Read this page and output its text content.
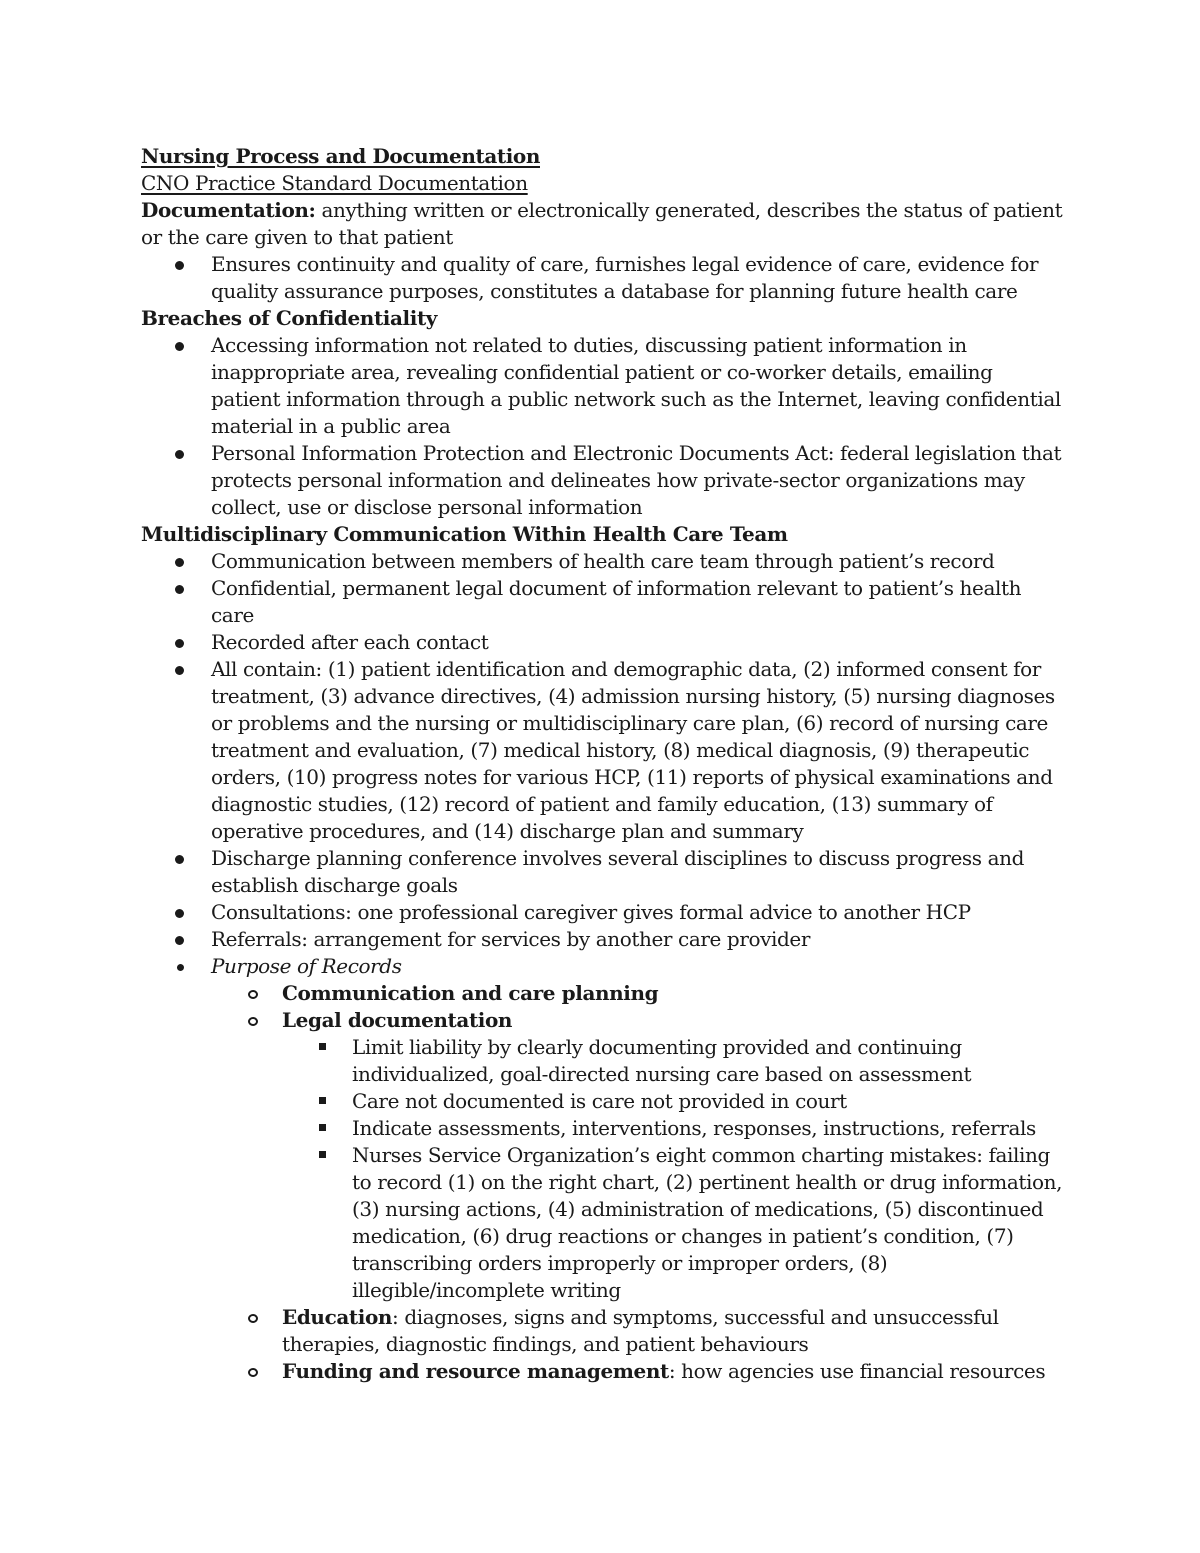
Nursing Process and Documentation

CNO Practice Standard Documentation

Documentation: anything written or electronically generated, describes the status of patient or the care given to that patient

Ensures continuity and quality of care, furnishes legal evidence of care, evidence for quality assurance purposes, constitutes a database for planning future health care

Breaches of Confidentiality

Accessing information not related to duties, discussing patient information in inappropriate area, revealing confidential patient or co-worker details, emailing patient information through a public network such as the Internet, leaving confidential material in a public area
Personal Information Protection and Electronic Documents Act: federal legislation that protects personal information and delineates how private-sector organizations may collect, use or disclose personal information

Multidisciplinary Communication Within Health Care Team

Communication between members of health care team through patient’s record
Confidential, permanent legal document of information relevant to patient’s health care
Recorded after each contact
All contain: (1) patient identification and demographic data, (2) informed consent for treatment, (3) advance directives, (4) admission nursing history, (5) nursing diagnoses or problems and the nursing or multidisciplinary care plan, (6) record of nursing care treatment and evaluation, (7) medical history, (8) medical diagnosis, (9) therapeutic orders, (10) progress notes for various HCP, (11) reports of physical examinations and diagnostic studies, (12) record of patient and family education, (13) summary of operative procedures, and (14) discharge plan and summary
Discharge planning conference involves several disciplines to discuss progress and establish discharge goals
Consultations: one professional caregiver gives formal advice to another HCP
Referrals: arrangement for services by another care provider
Purpose of Records
Communication and care planning
Legal documentation
Limit liability by clearly documenting provided and continuing individualized, goal-directed nursing care based on assessment
Care not documented is care not provided in court
Indicate assessments, interventions, responses, instructions, referrals
Nurses Service Organization’s eight common charting mistakes: failing to record (1) on the right chart, (2) pertinent health or drug information, (3) nursing actions, (4) administration of medications, (5) discontinued medication, (6) drug reactions or changes in patient’s condition, (7) transcribing orders improperly or improper orders, (8) illegible/incomplete writing
Education: diagnoses, signs and symptoms, successful and unsuccessful therapies, diagnostic findings, and patient behaviours
Funding and resource management: how agencies use financial resources
